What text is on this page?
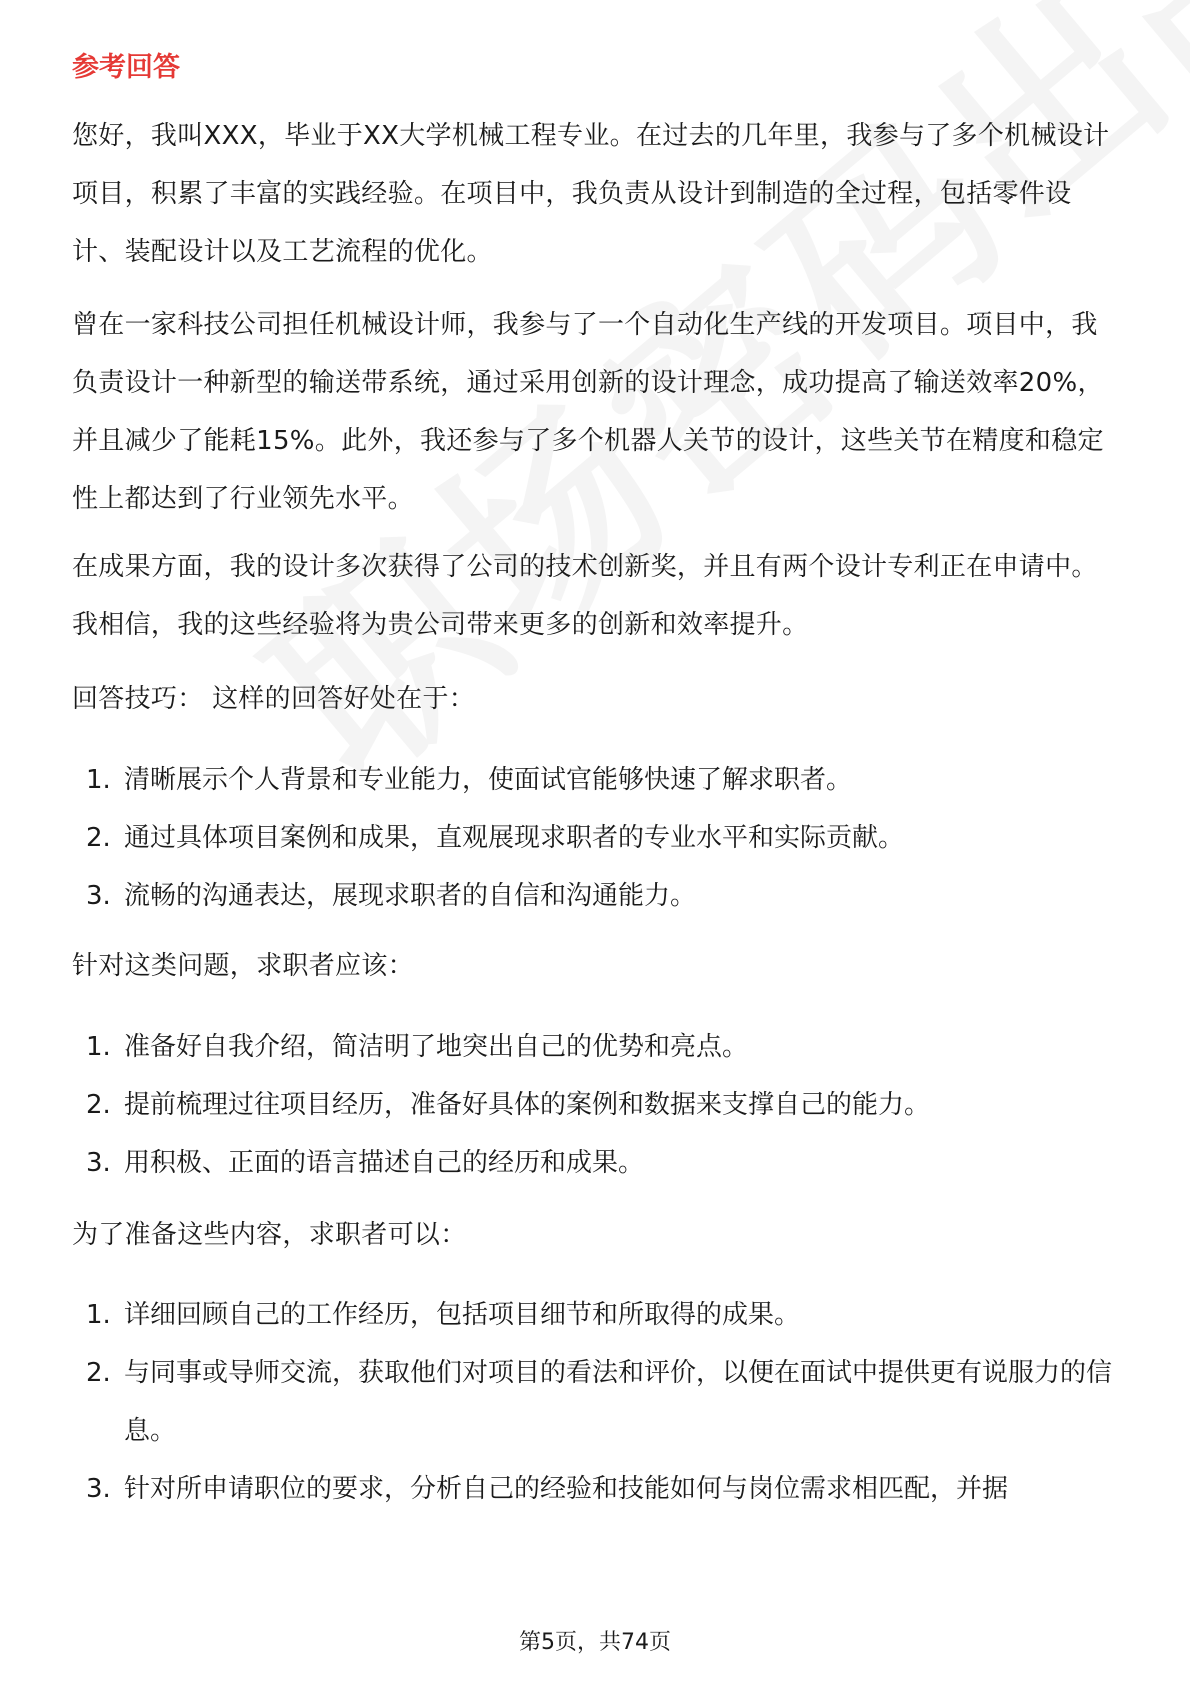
参考回答
您好，我叫XXX，毕业于XX大学机械工程专业。在过去的几年里，我参与了多个机械设计项目，积累了丰富的实践经验。在项目中，我负责从设计到制造的全过程，包括零件设计、装配设计以及工艺流程的优化。
曾在一家科技公司担任机械设计师，我参与了一个自动化生产线的开发项目。项目中，我负责设计一种新型的输送带系统，通过采用创新的设计理念，成功提高了输送效率20%，并且减少了能耗15%。此外，我还参与了多个机器人关节的设计，这些关节在精度和稳定性上都达到了行业领先水平。
在成果方面，我的设计多次获得了公司的技术创新奖，并且有两个设计专利正在申请中。我相信，我的这些经验将为贵公司带来更多的创新和效率提升。
回答技巧： 这样的回答好处在于：
1. 清晰展示个人背景和专业能力，使面试官能够快速了解求职者。
2. 通过具体项目案例和成果，直观展现求职者的专业水平和实际贡献。
3. 流畅的沟通表达，展现求职者的自信和沟通能力。
针对这类问题，求职者应该：
1. 准备好自我介绍，简洁明了地突出自己的优势和亮点。
2. 提前梳理过往项目经历，准备好具体的案例和数据来支撑自己的能力。
3. 用积极、正面的语言描述自己的经历和成果。
为了准备这些内容，求职者可以：
1. 详细回顾自己的工作经历，包括项目细节和所取得的成果。
2. 与同事或导师交流，获取他们对项目的看法和评价，以便在面试中提供更有说服力的信息。
3. 针对所申请职位的要求，分析自己的经验和技能如何与岗位需求相匹配，并据
第5页，共74页
